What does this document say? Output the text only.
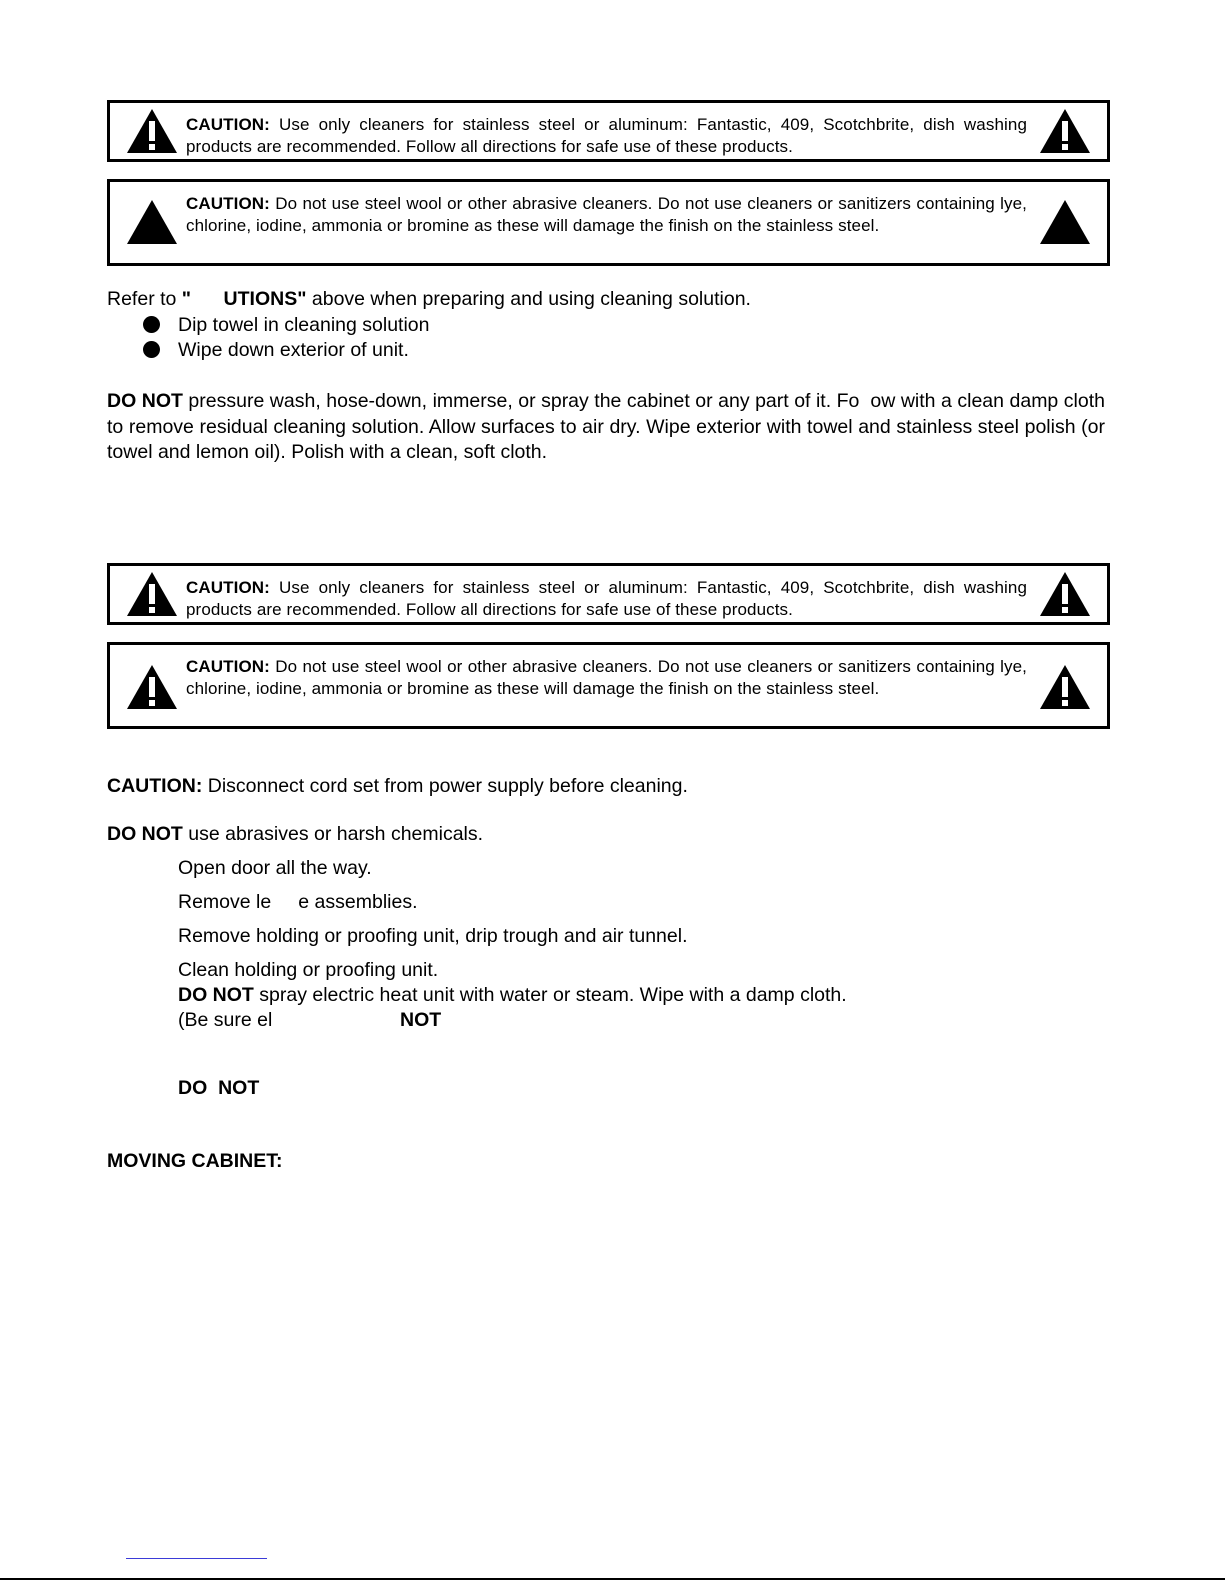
CAUTION: Use only cleaners for stainless steel or aluminum: Fantastic, 409, Scotchbrite, dish washing products are recommended. Follow all directions for safe use of these products.
CAUTION: Do not use steel wool or other abrasive cleaners. Do not use cleaners or sanitizers containing lye, chlorine, iodine, ammonia or bromine as these will damage the finish on the stainless steel.
Refer to "      UTIONS" above when preparing and using cleaning solution.
Dip towel in cleaning solution
Wipe down exterior of unit.
DO NOT pressure wash, hose-down, immerse, or spray the cabinet or any part of it. Fo  ow with a clean damp cloth to remove residual cleaning solution. Allow surfaces to air dry. Wipe exterior with towel and stainless steel polish (or towel and lemon oil). Polish with a clean, soft cloth.
CAUTION: Use only cleaners for stainless steel or aluminum: Fantastic, 409, Scotchbrite, dish washing products are recommended. Follow all directions for safe use of these products.
CAUTION: Do not use steel wool or other abrasive cleaners. Do not use cleaners or sanitizers containing lye, chlorine, iodine, ammonia or bromine as these will damage the finish on the stainless steel.
CAUTION: Disconnect cord set from power supply before cleaning.
DO NOT use abrasives or harsh chemicals.
Open door all the way.
Remove le     e assemblies.
Remove holding or proofing unit, drip trough and air tunnel.
Clean holding or proofing unit.
DO NOT spray electric heat unit with water or steam. Wipe with a damp cloth.
(Be sure el	NOT
DO  NOT
MOVING CABINET:
